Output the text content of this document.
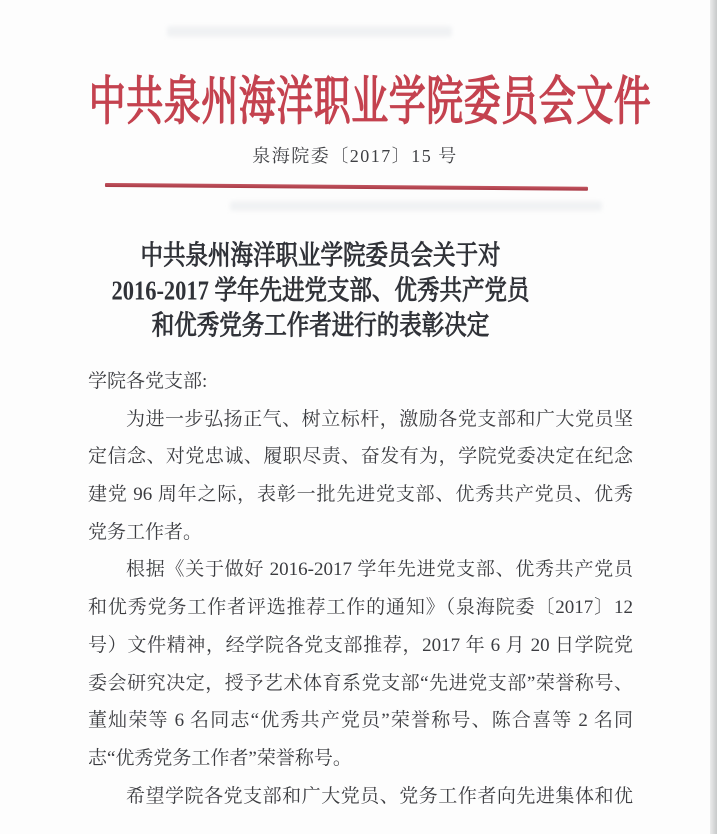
中共泉州海洋职业学院委员会文件
泉海院委〔2017〕15 号
中共泉州海洋职业学院委员会关于对
2016-2017 学年先进党支部、优秀共产党员
和优秀党务工作者进行的表彰决定
学院各党支部:
为进一步弘扬正气、树立标杆，激励各党支部和广大党员坚
定信念、对党忠诚、履职尽责、奋发有为，学院党委决定在纪念
建党 96 周年之际，表彰一批先进党支部、优秀共产党员、优秀
党务工作者。
根据《关于做好 2016-2017 学年先进党支部、优秀共产党员
和优秀党务工作者评选推荐工作的通知》（泉海院委〔2017〕12
号）文件精神，经学院各党支部推荐，2017 年 6 月 20 日学院党
委会研究决定，授予艺术体育系党支部“先进党支部”荣誉称号、
董灿荣等 6 名同志“优秀共产党员”荣誉称号、陈合喜等 2 名同
志“优秀党务工作者”荣誉称号。
希望学院各党支部和广大党员、党务工作者向先进集体和优
